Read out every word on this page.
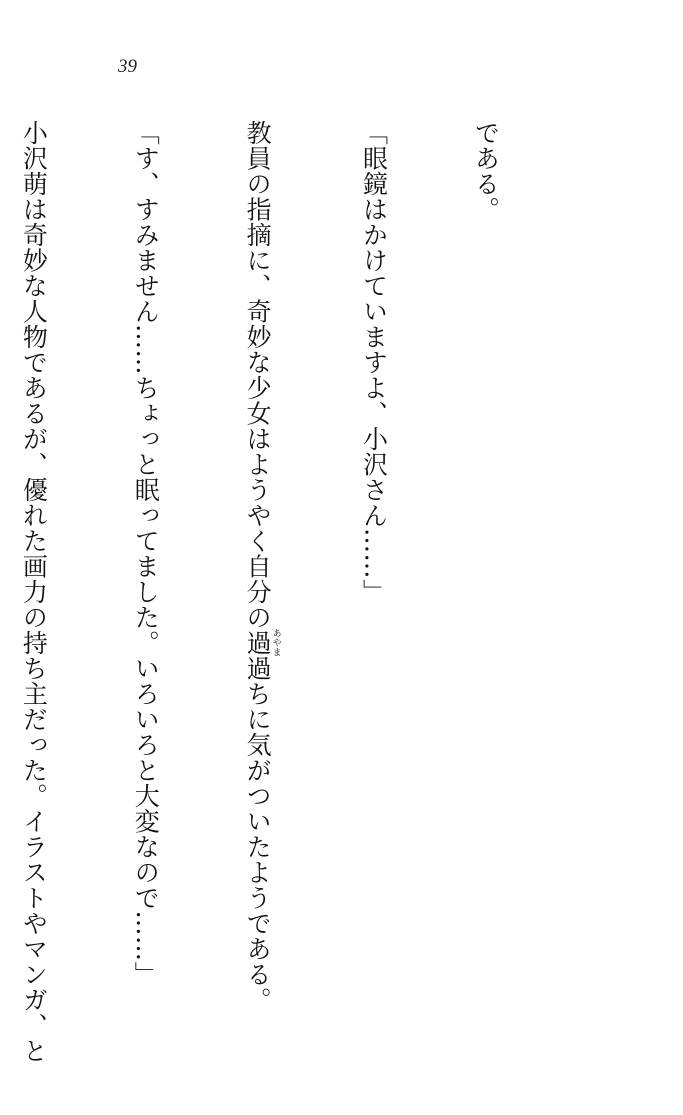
39

である。

「眼鏡はかけていますよ、小沢さん……」

教員の指摘に、奇妙な少女はようやく自分の過あやま過ちに気がついたようである。

「す、すみません……ちょっと眠ってました。いろいろと大変なので……」

小沢萌は奇妙な人物であるが、優れた画力の持ち主だった。イラストやマンガ、と
